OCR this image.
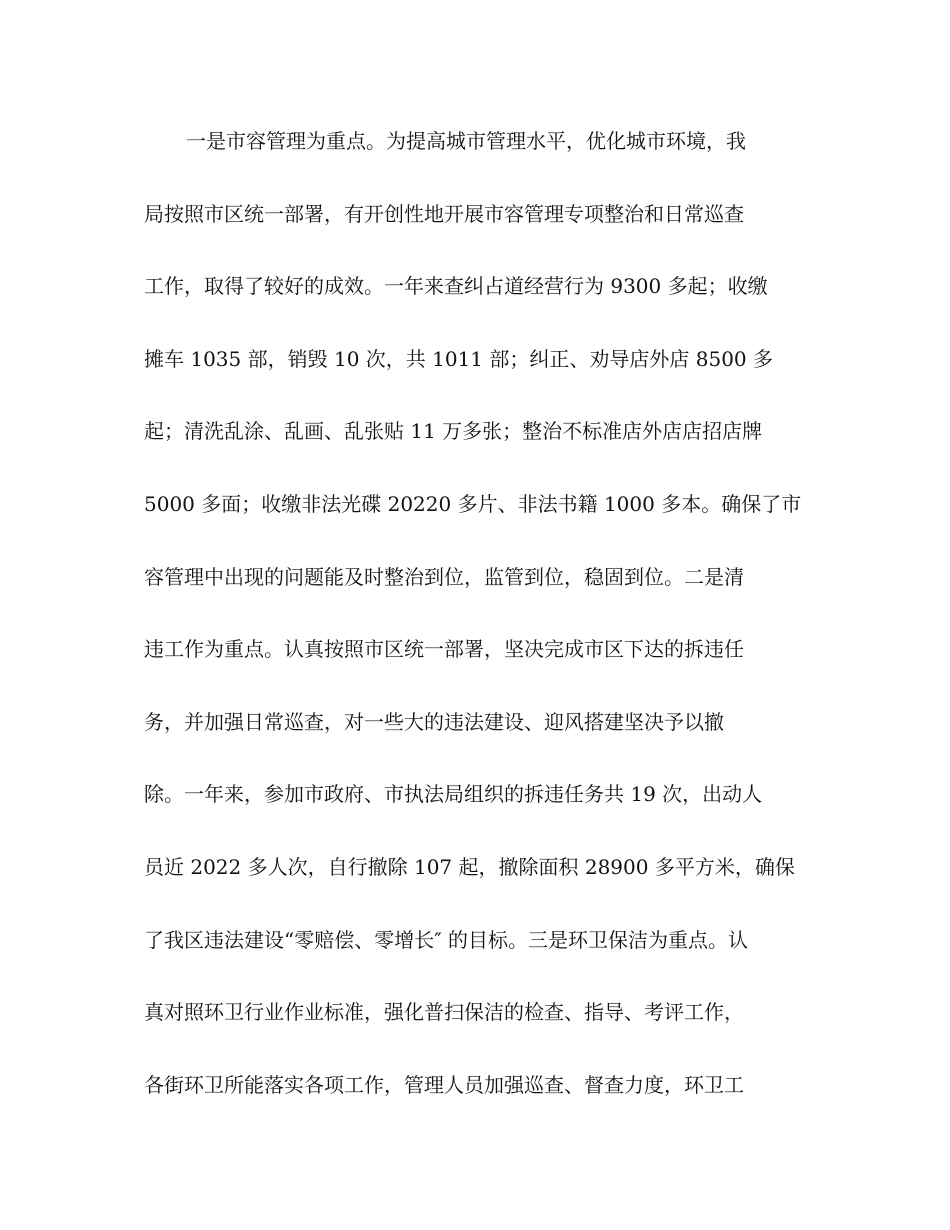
一是市容管理为重点。为提高城市管理水平，优化城市环境，我
局按照市区统一部署，有开创性地开展市容管理专项整治和日常巡查
工作，取得了较好的成效。一年来查纠占道经营行为 9300 多起；收缴
摊车 1035 部，销毁 10 次，共 1011 部；纠正、劝导店外店 8500 多
起；清洗乱涂、乱画、乱张贴 11 万多张；整治不标准店外店店招店牌
5000 多面；收缴非法光碟 20220 多片、非法书籍 1000 多本。确保了市
容管理中出现的问题能及时整治到位，监管到位，稳固到位。二是清
违工作为重点。认真按照市区统一部署，坚决完成市区下达的拆违任
务，并加强日常巡查，对一些大的违法建设、迎风搭建坚决予以撤
除。一年来，参加市政府、市执法局组织的拆违任务共 19 次，出动人
员近 2022 多人次，自行撤除 107 起，撤除面积 28900 多平方米，确保
了我区违法建设“零赔偿、零增长″ 的目标。三是环卫保洁为重点。认
真对照环卫行业作业标准，强化普扫保洁的检查、指导、考评工作，
各街环卫所能落实各项工作，管理人员加强巡查、督查力度，环卫工
